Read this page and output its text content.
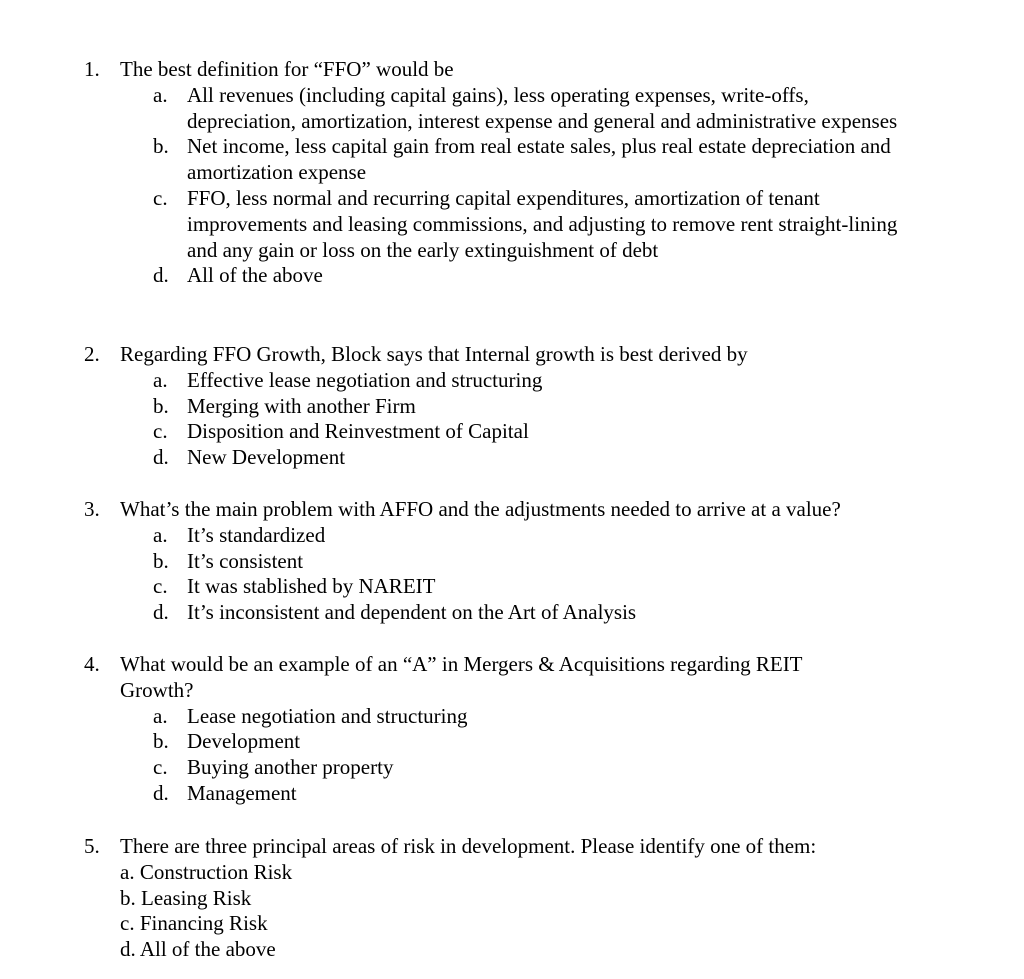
1. The best definition for “FFO” would be
a. All revenues (including capital gains), less operating expenses, write-offs, depreciation, amortization, interest expense and general and administrative expenses
b. Net income, less capital gain from real estate sales, plus real estate depreciation and amortization expense
c. FFO, less normal and recurring capital expenditures, amortization of tenant improvements and leasing commissions, and adjusting to remove rent straight-lining and any gain or loss on the early extinguishment of debt
d. All of the above
2. Regarding FFO Growth, Block says that Internal growth is best derived by
a. Effective lease negotiation and structuring
b. Merging with another Firm
c. Disposition and Reinvestment of Capital
d. New Development
3. What’s the main problem with AFFO and the adjustments needed to arrive at a value?
a. It’s standardized
b. It’s consistent
c. It was stablished by NAREIT
d. It’s inconsistent and dependent on the Art of Analysis
4. What would be an example of an “A” in Mergers & Acquisitions regarding REIT Growth?
a. Lease negotiation and structuring
b. Development
c. Buying another property
d. Management
5. There are three principal areas of risk in development. Please identify one of them:
a. Construction Risk
b. Leasing Risk
c. Financing Risk
d. All of the above
